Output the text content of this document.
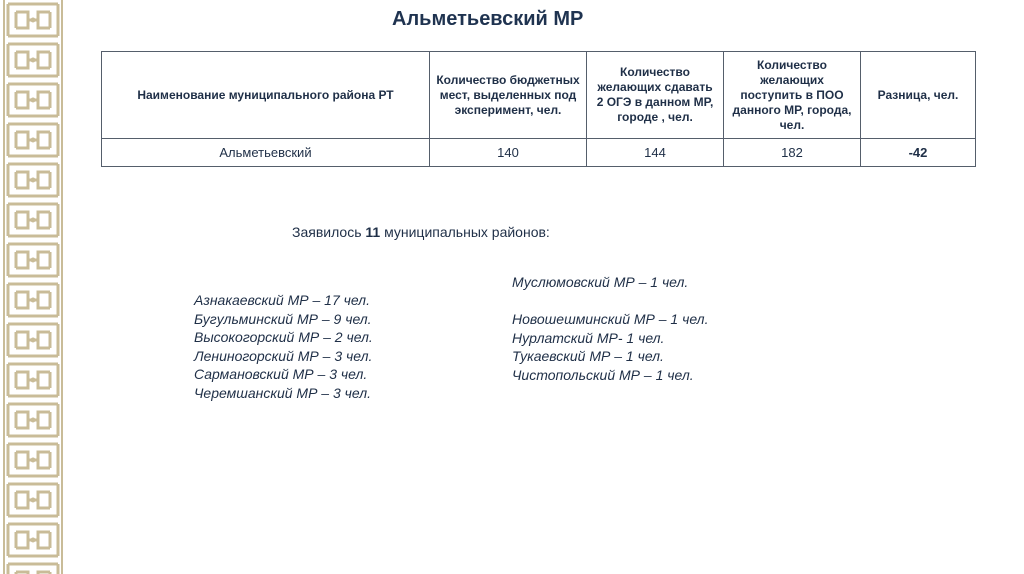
Альметьевский МР
Наименование муниципального района РТ	Количество бюджетных мест, выделенных под эксперимент, чел.	Количество желающих сдавать 2 ОГЭ в данном МР, городе , чел.	Количество желающих поступить в ПОО данного МР, города, чел.	Разница, чел.
Альметьевский	140	144	182	-42
Заявилось 11 муниципальных районов:
Азнакаевский МР – 17 чел.
Бугульминский МР – 9 чел.
Высокогорский МР – 2 чел.
Лениногорский МР – 3 чел.
Сармановский МР – 3 чел.
Черемшанский МР – 3 чел.
Муслюмовский МР – 1 чел.
Новошешминский МР – 1 чел.
Нурлатский МР- 1 чел.
Тукаевский МР – 1 чел.
Чистопольский МР – 1 чел.
